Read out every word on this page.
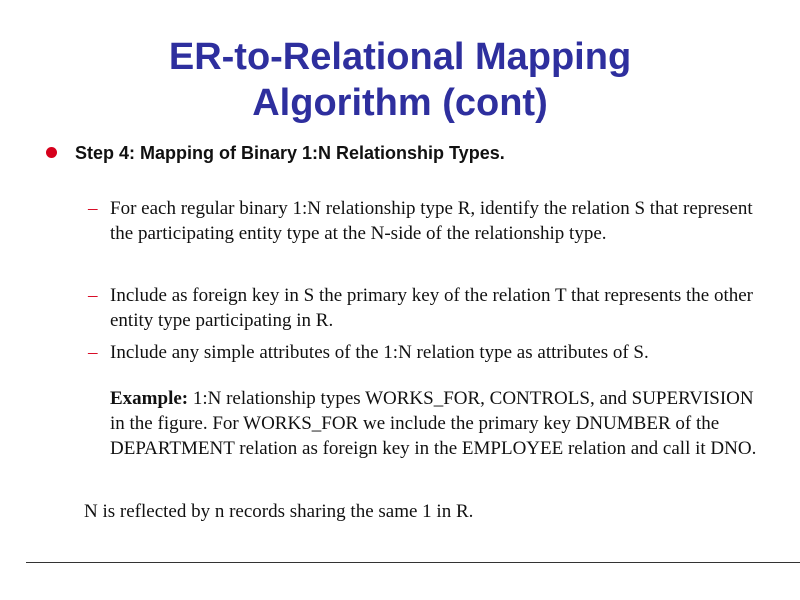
ER-to-Relational Mapping
Algorithm (cont)
Step 4: Mapping of Binary 1:N Relationship Types.
– For each regular binary 1:N relationship type R, identify the relation S that represent the participating entity type at the N-side of the relationship type.
– Include as foreign key in S the primary key of the relation T that represents the other entity type participating in R.
– Include any simple attributes of the 1:N relation type as attributes of S.
Example: 1:N relationship types WORKS_FOR, CONTROLS, and SUPERVISION in the figure. For WORKS_FOR we include the primary key DNUMBER of the DEPARTMENT relation as foreign key in the EMPLOYEE relation and call it DNO.
N is reflected by n records sharing the same 1 in R.
